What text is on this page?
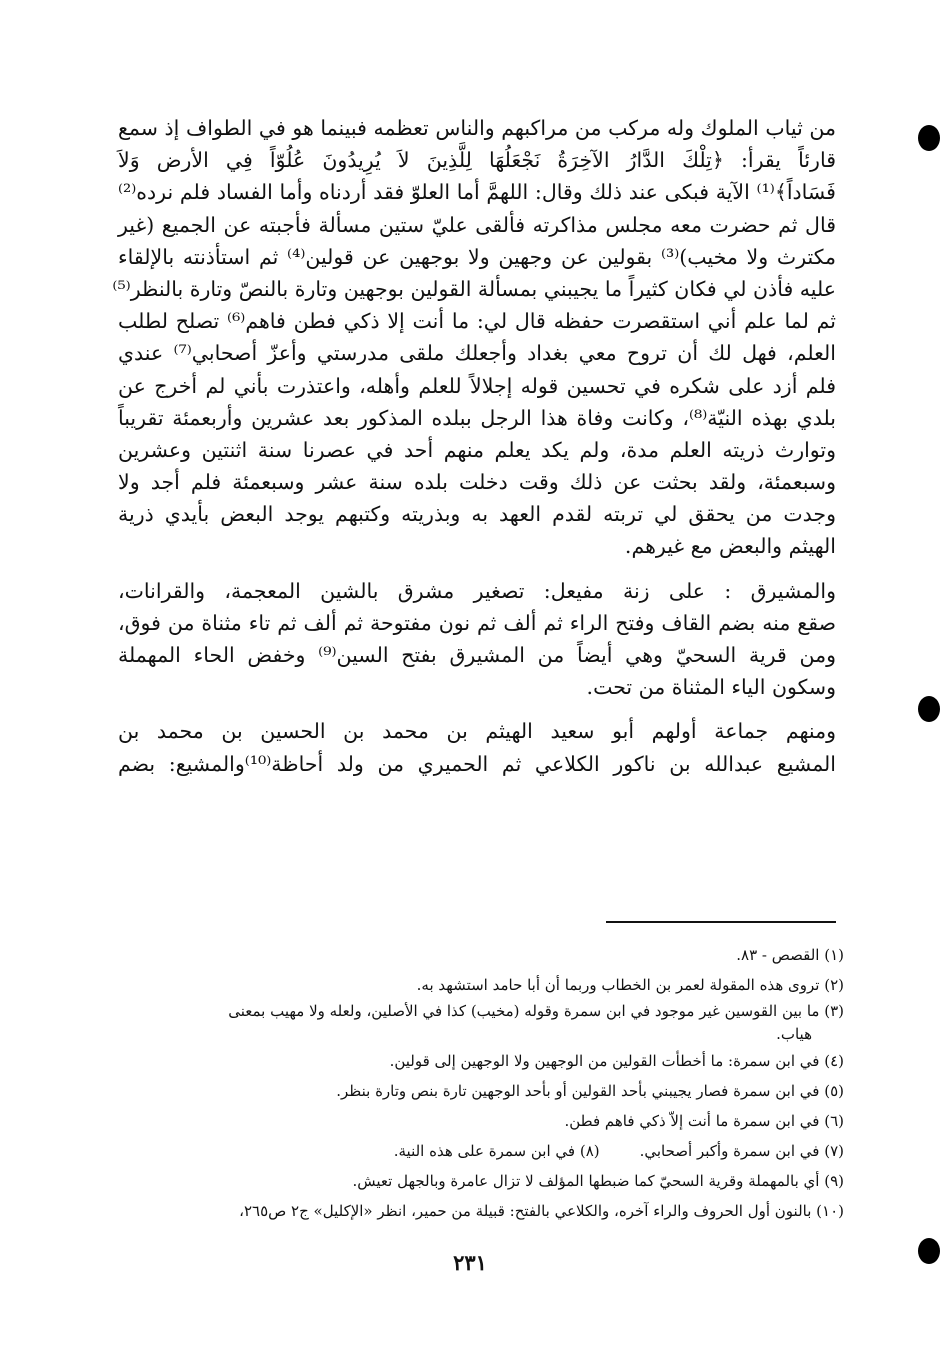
من ثياب الملوك وله مركب من مراكبهم والناس تعظمه فبينما هو في الطواف إذ سمع
قارئاً يقرأ: ﴿تِلْكَ الدَّارُ الآخِرَةُ نَجْعَلُهَا لِلَّذِينَ لاَ يُرِيدُونَ عُلُوّاً فِي الأرض وَلاَ
فَسَاداً﴾⁽¹⁾ الآية فبكى عند ذلك وقال: اللهمَّ أما العلوّ فقد أردناه وأما الفساد فلم نرده⁽²⁾
قال ثم حضرت معه مجلس مذاكرته فألقى عليّ ستين مسألة فأجبته عن الجميع (غير
مكترث ولا مخيب)⁽³⁾ بقولين عن وجهين ولا بوجهين عن قولين⁽⁴⁾ ثم استأذنته بالإلقاء
عليه فأذن لي فكان كثيراً ما يجيبني بمسألة القولين بوجهين وتارة بالنصّ وتارة بالنظر⁽⁵⁾
ثم لما علم أني استقصرت حفظه قال لي: ما أنت إلا ذكي فطن فاهم⁽⁶⁾ تصلح لطلب
العلم، فهل لك أن تروح معي بغداد وأجعلك ملقى مدرستي وأعزّ أصحابي⁽⁷⁾ عندي
فلم أزد على شكره في تحسين قوله إجلالاً للعلم وأهله، واعتذرت بأني لم أخرج عن
بلدي بهذه النيّة⁽⁸⁾، وكانت وفاة هذا الرجل ببلده المذكور بعد عشرين وأربعمئة تقريباً
وتوارث ذريته العلم مدة، ولم يكد يعلم منهم أحد في عصرنا سنة اثنتين وعشرين
وسبعمئة، ولقد بحثت عن ذلك وقت دخلت بلده سنة عشر وسبعمئة فلم أجد ولا
وجدت من يحقق لي تربته لقدم العهد به وبذريته وكتبهم يوجد البعض بأيدي ذرية
الهيثم والبعض مع غيرهم.
والمشيرق : على زنة مفيعل: تصغير مشرق بالشين المعجمة، والقرانات،
صقع منه بضم القاف وفتح الراء ثم ألف ثم نون مفتوحة ثم ألف ثم تاء مثناة من فوق،
ومن قرية السحيّ وهي أيضاً من المشيرق بفتح السين⁽⁹⁾ وخفض الحاء المهملة
وسكون الياء المثناة من تحت.
ومنهم جماعة أولهم أبو سعيد الهيثم بن محمد بن الحسين بن محمد بن
المشيع عبدالله بن ناكور الكلاعي ثم الحميري من ولد أحاظة⁽¹⁰⁾والمشيع: بضم
(١) القصص - ٨٣.
(٢) تروى هذه المقولة لعمر بن الخطاب وربما أن أبا حامد استشهد به.
(٣) ما بين القوسين غير موجود في ابن سمرة وقوله (مخيب) كذا في الأصلين، ولعله ولا مهيب بمعنى
هياب.
(٤) في ابن سمرة: ما أخطأت القولين من الوجهين ولا الوجهين إلى قولين.
(٥) في ابن سمرة فصار يجيبني بأحد القولين أو بأحد الوجهين تارة بنص وتارة بنظر.
(٦) في ابن سمرة ما أنت إلاّ ذكي فاهم فطن.
(٧) في ابن سمرة وأكبر أصحابي.(٨) في ابن سمرة على هذه النية.
(٩) أي بالمهملة وقرية السحيّ كما ضبطها المؤلف لا تزال عامرة وبالجهل تعيش.
(١٠) بالنون أول الحروف والراء آخره، والكلاعي بالفتح: قبيلة من حمير، انظر «الإكليل» ج٢ ص٢٦٥،
٢٣١
